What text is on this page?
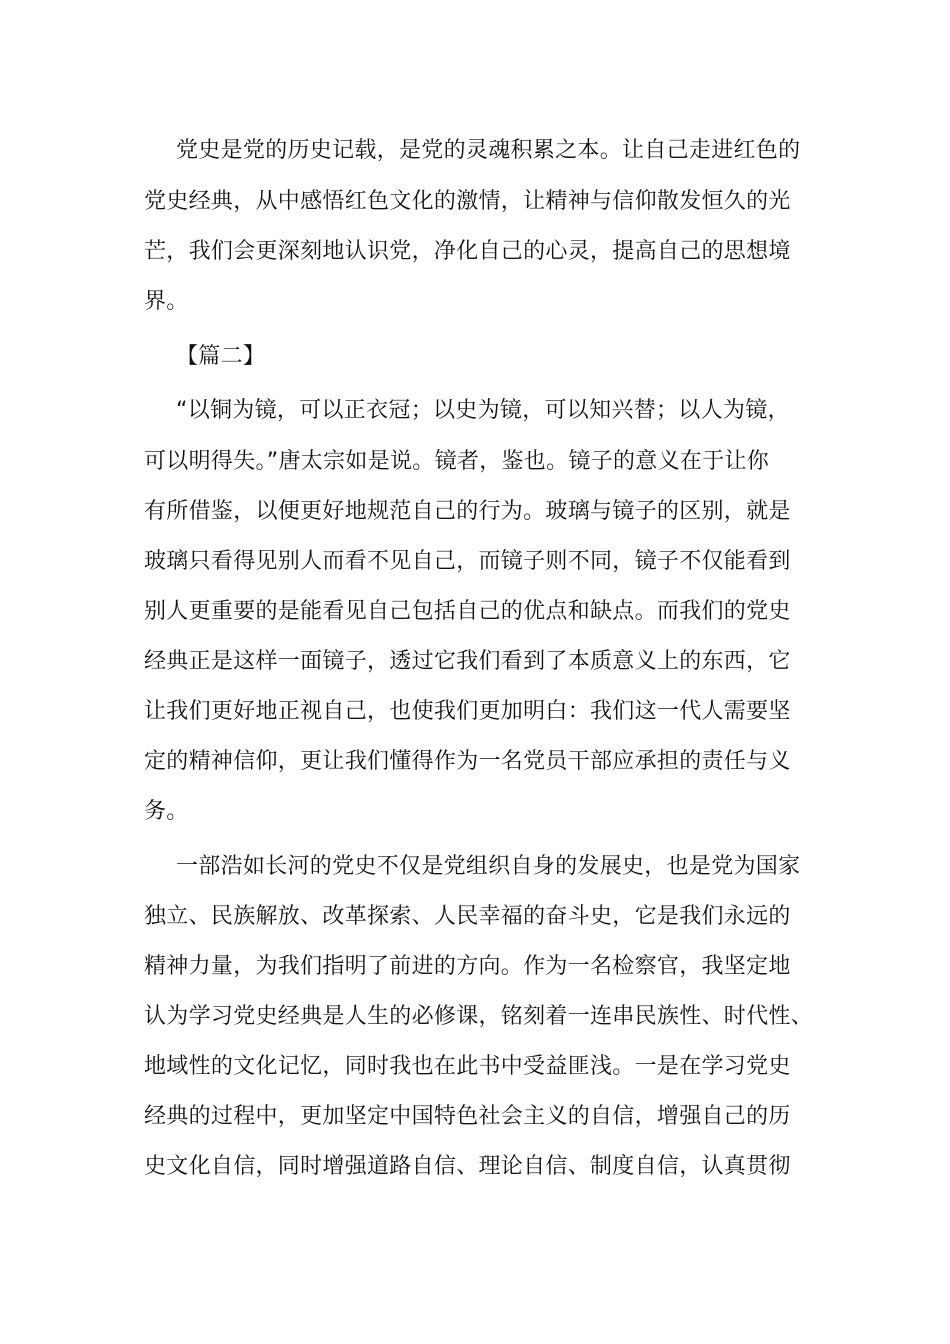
党史是党的历史记载，是党的灵魂积累之本。让自己走进红色的
党史经典，从中感悟红色文化的激情，让精神与信仰散发恒久的光
芒，我们会更深刻地认识党，净化自己的心灵，提高自己的思想境
界。
【篇二】
“以铜为镜，可以正衣冠；以史为镜，可以知兴替；以人为镜，
可以明得失。”唐太宗如是说。镜者，鉴也。镜子的意义在于让你
有所借鉴，以便更好地规范自己的行为。玻璃与镜子的区别，就是
玻璃只看得见别人而看不见自己，而镜子则不同，镜子不仅能看到
别人更重要的是能看见自己包括自己的优点和缺点。而我们的党史
经典正是这样一面镜子，透过它我们看到了本质意义上的东西，它
让我们更好地正视自己，也使我们更加明白：我们这一代人需要坚
定的精神信仰，更让我们懂得作为一名党员干部应承担的责任与义
务。
一部浩如长河的党史不仅是党组织自身的发展史，也是党为国家
独立、民族解放、改革探索、人民幸福的奋斗史，它是我们永远的
精神力量，为我们指明了前进的方向。作为一名检察官，我坚定地
认为学习党史经典是人生的必修课，铭刻着一连串民族性、时代性、
地域性的文化记忆，同时我也在此书中受益匪浅。一是在学习党史
经典的过程中，更加坚定中国特色社会主义的自信，增强自己的历
史文化自信，同时增强道路自信、理论自信、制度自信，认真贯彻
